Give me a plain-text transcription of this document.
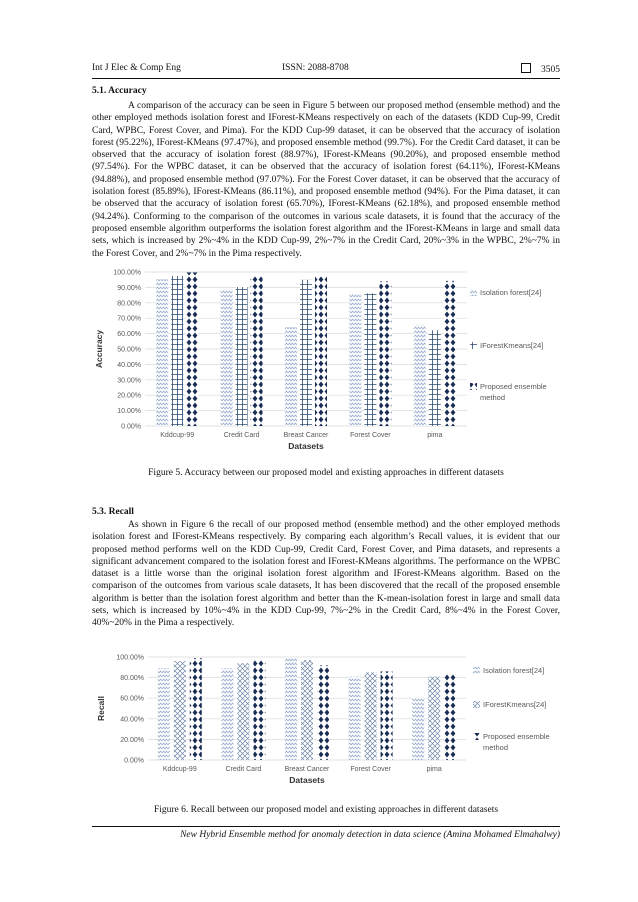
Int J Elec & Comp Eng	ISSN: 2088-8708	3505
5.1. Accuracy

A comparison of the accuracy can be seen in Figure 5 between our proposed method (ensemble method) and the other employed methods isolation forest and IForest-KMeans respectively on each of the datasets (KDD Cup-99, Credit Card, WPBC, Forest Cover, and Pima). For the KDD Cup-99 dataset, it can be observed that the accuracy of isolation forest (95.22%), IForest-KMeans (97.47%), and proposed ensemble method (99.7%). For the Credit Card dataset, it can be observed that the accuracy of isolation forest (88.97%), IForest-KMeans (90.20%), and proposed ensemble method (97.54%). For the WPBC dataset, it can be observed that the accuracy of isolation forest (64.11%), IForest-KMeans (94.88%), and proposed ensemble method (97.07%). For the Forest Cover dataset, it can be observed that the accuracy of isolation forest (85.89%), IForest-KMeans (86.11%), and proposed ensemble method (94%). For the Pima dataset, it can be observed that the accuracy of isolation forest (65.70%), IForest-KMeans (62.18%), and proposed ensemble method (94.24%). Conforming to the comparison of the outcomes in various scale datasets, it is found that the accuracy of the proposed ensemble algorithm outperforms the isolation forest algorithm and the IForest-KMeans in large and small data sets, which is increased by 2%~4% in the KDD Cup-99, 2%~7% in the Credit Card, 20%~3% in the WPBC, 2%~7% in the Forest Cover, and 2%~7% in the Pima respectively.

0.00%
10.00%
20.00%
30.00%
40.00%
50.00%
60.00%
70.00%
80.00%
90.00%
100.00%
Kddcup-99	Credit Card	Breast Cancer	Forest Cover	pima
Datasets
Accuracy
Isolation forest[24]
IForestKmeans[24]
Proposed ensemble
method
Figure 5. Accuracy between our proposed model and existing approaches in different datasets
5.3. Recall

As shown in Figure 6 the recall of our proposed method (ensemble method) and the other employed methods isolation forest and IForest-KMeans respectively. By comparing each algorithm’s Recall values, it is evident that our proposed method performs well on the KDD Cup-99, Credit Card, Forest Cover, and Pima datasets, and represents a significant advancement compared to the isolation forest and IForest-KMeans algorithms. The performance on the WPBC dataset is a little worse than the original isolation forest algorithm and IForest-KMeans algorithm. Based on the comparison of the outcomes from various scale datasets, It has been discovered that the recall of the proposed ensemble algorithm is better than the isolation forest algorithm and better than the K-mean-isolation forest in large and small data sets, which is increased by 10%~4% in the KDD Cup-99, 7%~2% in the Credit Card, 8%~4% in the Forest Cover, 40%~20% in the Pima a respectively.

0.00%
20.00%
40.00%
60.00%
80.00%
100.00%
Kddcup-99	Credit Card	Breast Cancer	Forest Cover	pima
Datasets
Recall
Isolation forest[24]
IForestKmeans[24]
Proposed ensemble
method
Figure 6. Recall between our proposed model and existing approaches in different datasets
New Hybrid Ensemble method for anomaly detection in data science (Amina Mohamed Elmahalwy)
